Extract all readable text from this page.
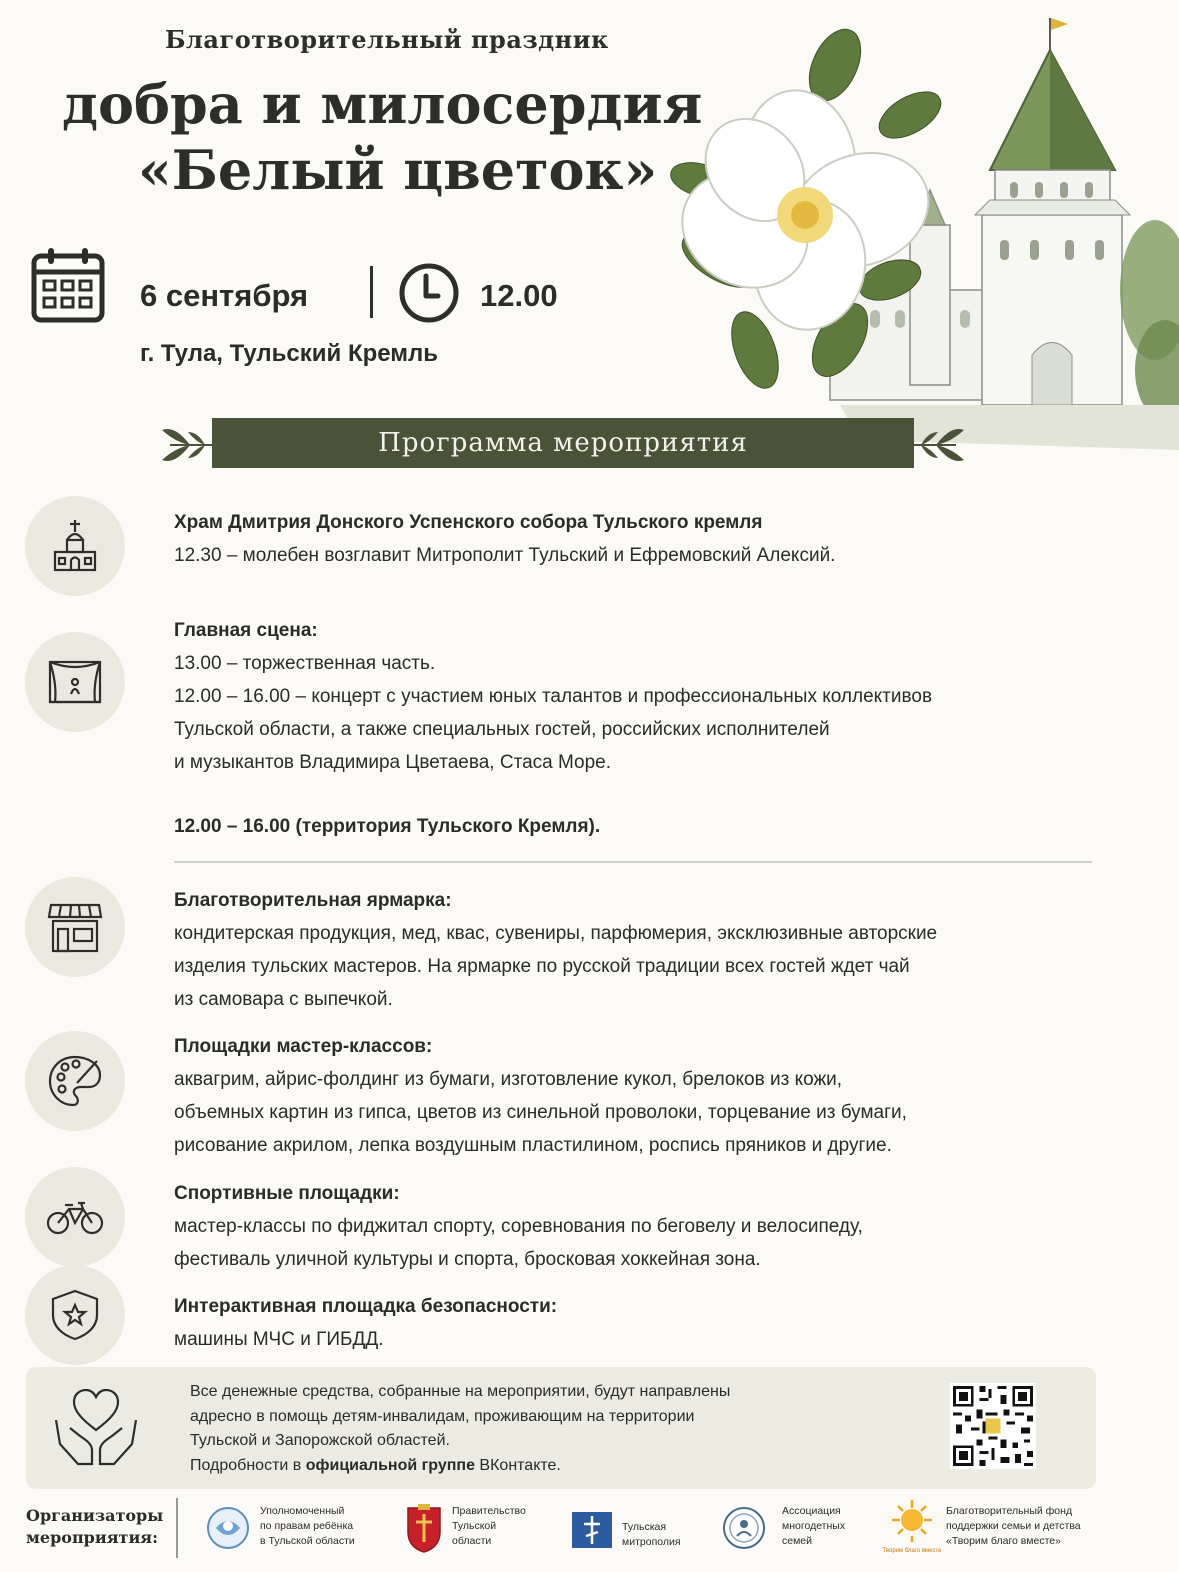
Благотворительный праздник
добра и милосердия
«Белый цветок»
6 сентября	12.00
г. Тула, Тульский Кремль
Программа мероприятия
Храм Дмитрия Донского Успенского собора Тульского кремля
12.30 – молебен возглавит Митрополит Тульский и Ефремовский Алексий.
Главная сцена:
13.00 – торжественная часть.
12.00 – 16.00 – концерт с участием юных талантов и профессиональных коллективов
Тульской области, а также специальных гостей, российских исполнителей
и музыкантов Владимира Цветаева, Стаса Море.
12.00 – 16.00 (территория Тульского Кремля).
Благотворительная ярмарка:
кондитерская продукция, мед, квас, сувениры, парфюмерия, эксклюзивные авторские
изделия тульских мастеров. На ярмарке по русской традиции всех гостей ждет чай
из самовара с выпечкой.
Площадки мастер-классов:
аквагрим, айрис-фолдинг из бумаги, изготовление кукол, брелоков из кожи,
объемных картин из гипса, цветов из синельной проволоки, торцевание из бумаги,
рисование акрилом, лепка воздушным пластилином, роспись пряников и другие.
Спортивные площадки:
мастер-классы по фиджитал спорту, соревнования по беговелу и велосипеду,
фестиваль уличной культуры и спорта, бросковая хоккейная зона.
Интерактивная площадка безопасности:
машины МЧС и ГИБДД.
Все денежные средства, собранные на мероприятии, будут направлены
адресно в помощь детям-инвалидам, проживающим на территории
Тульской и Запорожской областей.
Подробности в официальной группе ВКонтакте.
Организаторы
мероприятия:
Уполномоченный
по правам ребёнка
в Тульской области
Правительство
Тульской
области
Тульская
митрополия
Ассоциация
многодетных
семей
Творим благо вместе
Благотворительный фонд
поддержки семьи и детства
«Творим благо вместе»
